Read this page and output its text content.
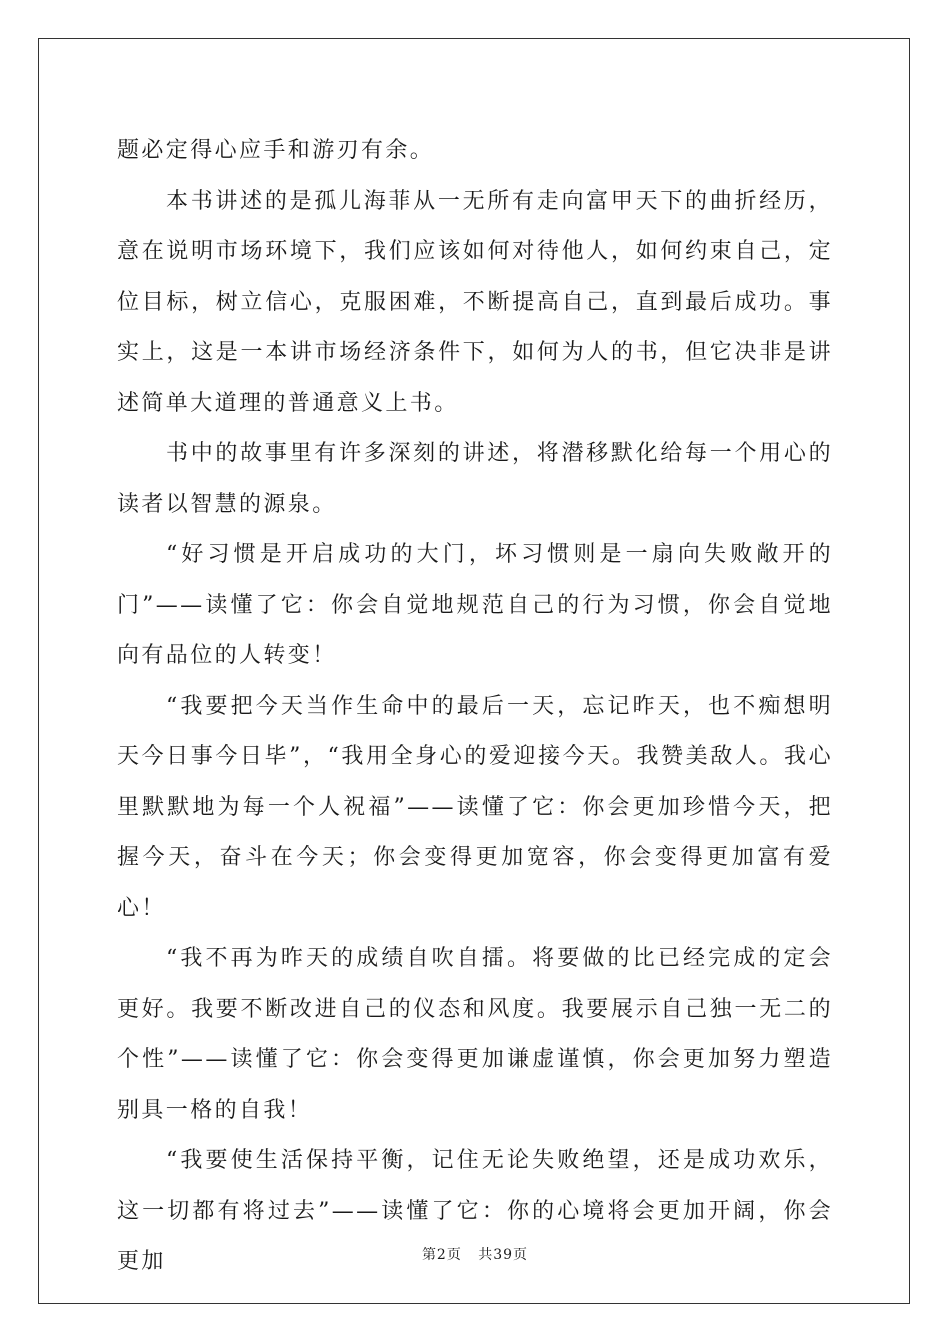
题必定得心应手和游刃有余。

本书讲述的是孤儿海菲从一无所有走向富甲天下的曲折经历，意在说明市场环境下，我们应该如何对待他人，如何约束自己，定位目标，树立信心，克服困难，不断提高自己，直到最后成功。事实上，这是一本讲市场经济条件下，如何为人的书，但它决非是讲述简单大道理的普通意义上书。

书中的故事里有许多深刻的讲述，将潜移默化给每一个用心的读者以智慧的源泉。

“好习惯是开启成功的大门，坏习惯则是一扇向失败敞开的门”——读懂了它：你会自觉地规范自己的行为习惯，你会自觉地向有品位的人转变！

“我要把今天当作生命中的最后一天，忘记昨天，也不痴想明天今日事今日毕”，“我用全身心的爱迎接今天。我赞美敌人。我心里默默地为每一个人祝福”——读懂了它：你会更加珍惜今天，把握今天，奋斗在今天；你会变得更加宽容，你会变得更加富有爱心！

“我不再为昨天的成绩自吹自擂。将要做的比已经完成的定会更好。我要不断改进自己的仪态和风度。我要展示自己独一无二的个性”——读懂了它：你会变得更加谦虚谨慎，你会更加努力塑造别具一格的自我！

“我要使生活保持平衡，记住无论失败绝望，还是成功欢乐，这一切都有将过去”——读懂了它：你的心境将会更加开阔，你会更加	第2页 共39页
